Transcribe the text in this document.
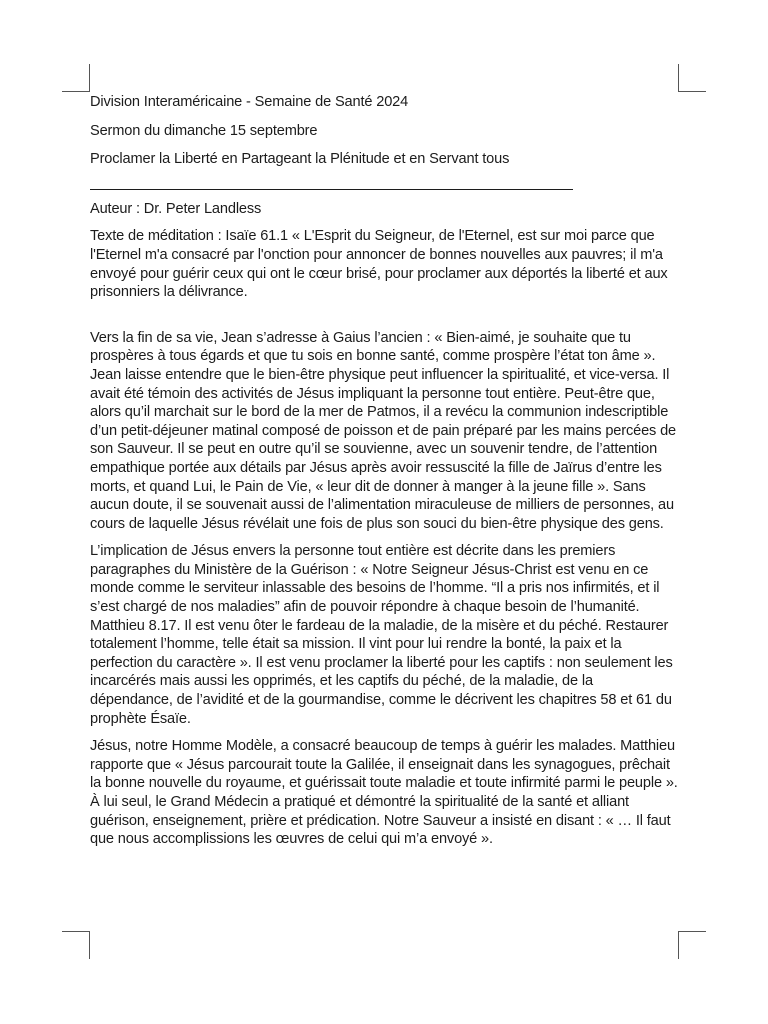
Division Interaméricaine - Semaine de Santé 2024

Sermon du dimanche 15 septembre

Proclamer la Liberté en Partageant la Plénitude et en Servant tous

Auteur : Dr. Peter Landless

Texte de méditation : Isaïe 61.1 « L'Esprit du Seigneur, de l'Eternel, est sur moi parce que l'Eternel m'a consacré par l'onction pour annoncer de bonnes nouvelles aux pauvres; il m'a envoyé pour guérir ceux qui ont le cœur brisé, pour proclamer aux déportés la liberté et aux prisonniers la délivrance.

Vers la fin de sa vie, Jean s’adresse à Gaius l’ancien : « Bien-aimé, je souhaite que tu prospères à tous égards et que tu sois en bonne santé, comme prospère l’état ton âme ». Jean laisse entendre que le bien-être physique peut influencer la spiritualité, et vice-versa. Il avait été témoin des activités de Jésus impliquant la personne tout entière. Peut-être que, alors qu’il marchait sur le bord de la mer de Patmos, il a revécu la communion indescriptible d’un petit-déjeuner matinal composé de poisson et de pain préparé par les mains percées de son Sauveur. Il se peut en outre qu’il se souvienne, avec un souvenir tendre, de l’attention empathique portée aux détails par Jésus après avoir ressuscité la fille de Jaïrus d’entre les morts, et quand Lui, le Pain de Vie, « leur dit de donner à manger à la jeune fille ». Sans aucun doute, il se souvenait aussi de l’alimentation miraculeuse de milliers de personnes, au cours de laquelle Jésus révélait une fois de plus son souci du bien-être physique des gens.

L’implication de Jésus envers la personne tout entière est décrite dans les premiers paragraphes du Ministère de la Guérison : « Notre Seigneur Jésus-Christ est venu en ce monde comme le serviteur inlassable des besoins de l’homme. “Il a pris nos infirmités, et il s’est chargé de nos maladies” afin de pouvoir répondre à chaque besoin de l’humanité. Matthieu 8.17. Il est venu ôter le fardeau de la maladie, de la misère et du péché. Restaurer totalement l’homme, telle était sa mission. Il vint pour lui rendre la bonté, la paix et la perfection du caractère ». Il est venu proclamer la liberté pour les captifs : non seulement les incarcérés mais aussi les opprimés, et les captifs du péché, de la maladie, de la dépendance, de l’avidité et de la gourmandise, comme le décrivent les chapitres 58 et 61 du prophète Ésaïe.

Jésus, notre Homme Modèle, a consacré beaucoup de temps à guérir les malades. Matthieu rapporte que « Jésus parcourait toute la Galilée, il enseignait dans les synagogues, prêchait la bonne nouvelle du royaume, et guérissait toute maladie et toute infirmité parmi le peuple ». À lui seul, le Grand Médecin a pratiqué et démontré la spiritualité de la santé et alliant guérison, enseignement, prière et prédication. Notre Sauveur a insisté en disant : « … Il faut que nous accomplissions les œuvres de celui qui m’a envoyé ».
